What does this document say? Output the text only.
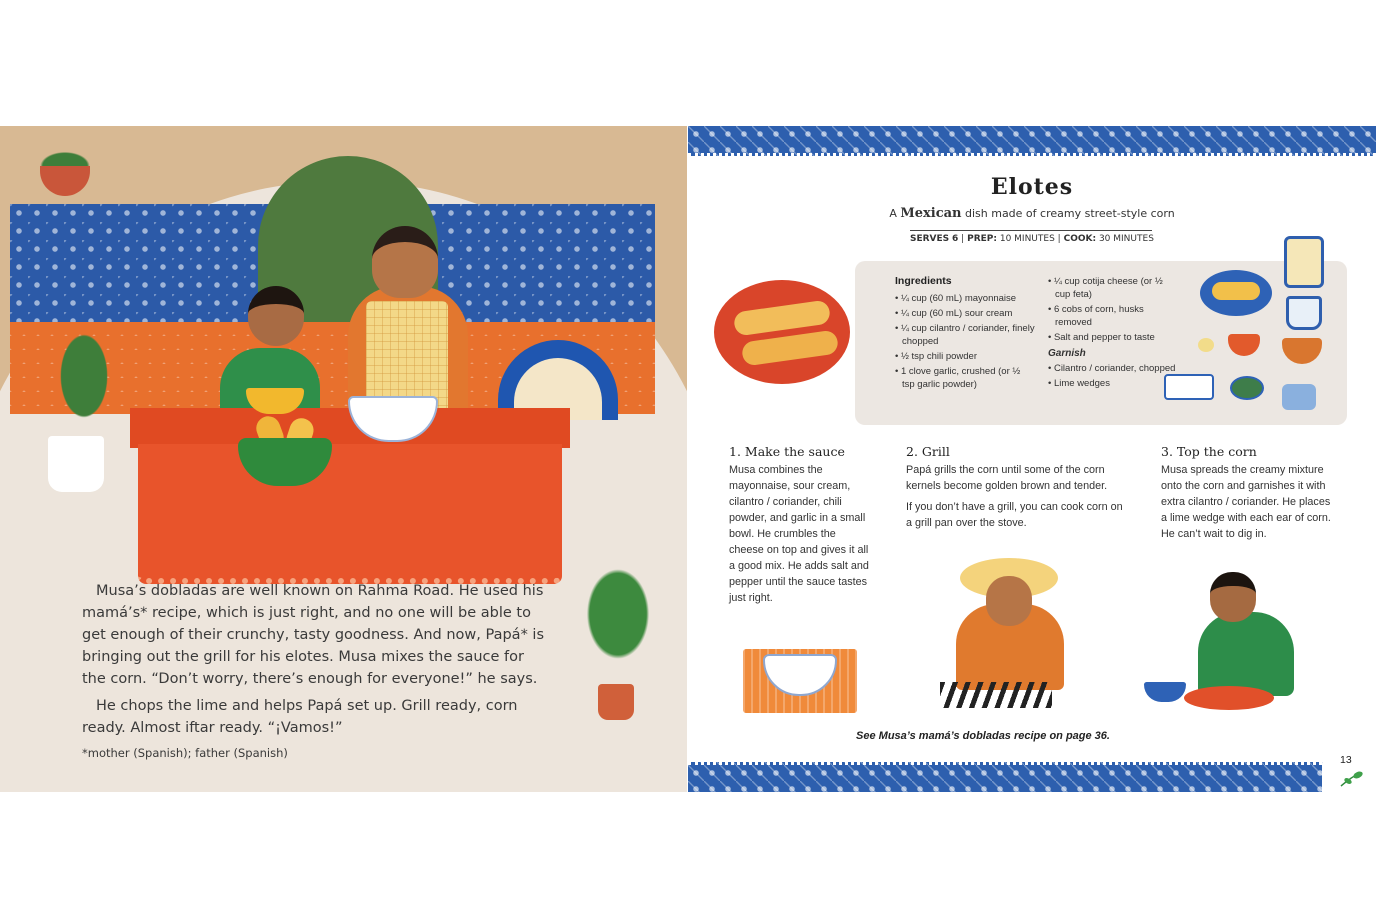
Musa’s dobladas are well known on Rahma Road. He used his mamá’s* recipe, which is just right, and no one will be able to get enough of their crunchy, tasty goodness. And now, Papá* is bringing out the grill for his elotes. Musa mixes the sauce for the corn. “Don’t worry, there’s enough for everyone!” he says.

He chops the lime and helps Papá set up. Grill ready, corn ready. Almost iftar ready. “¡Vamos!”

*mother (Spanish); father (Spanish)
Elotes
A Mexican dish made of creamy street-style corn
SERVES 6 | PREP: 10 MINUTES | COOK: 30 MINUTES
Ingredients
• ¼ cup (60 mL) mayonnaise
• ¼ cup (60 mL) sour cream
• ¼ cup cilantro / coriander, finely chopped
• ½ tsp chili powder
• 1 clove garlic, crushed (or ½ tsp garlic powder)
• ¼ cup cotija cheese (or ½ cup feta)
• 6 cobs of corn, husks removed
• Salt and pepper to taste
Garnish
• Cilantro / coriander, chopped
• Lime wedges
1. Make the sauce

Musa combines the mayonnaise, sour cream, cilantro / coriander, chili powder, and garlic in a small bowl. He crumbles the cheese on top and gives it all a good mix. He adds salt and pepper until the sauce tastes just right.

2. Grill

Papá grills the corn until some of the corn kernels become golden brown and tender.

If you don’t have a grill, you can cook corn on a grill pan over the stove.

3. Top the corn

Musa spreads the creamy mixture onto the corn and garnishes it with extra cilantro / coriander. He places a lime wedge with each ear of corn. He can’t wait to dig in.

See Musa’s mamá’s dobladas recipe on page 36.
13
